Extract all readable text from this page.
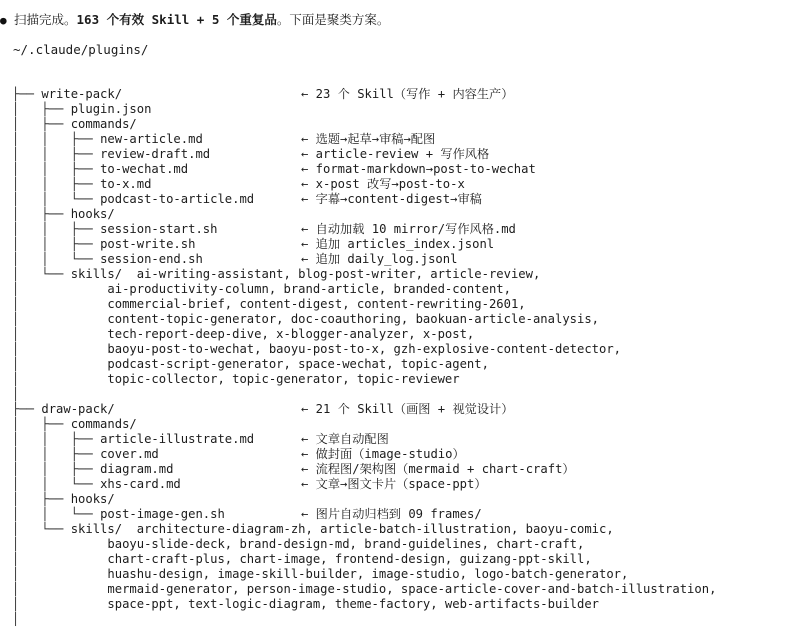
● 扫描完成。163 个有效 Skill + 5 个重复品。下面是聚类方案。
~/.claude/plugins/
├── write-pack/	← 23 个 Skill（写作 + 内容生产）
│   ├── plugin.json
│   ├── commands/
│   │   ├── new-article.md	← 选题→起草→审稿→配图
│   │   ├── review-draft.md	← article-review + 写作风格
│   │   ├── to-wechat.md	← format-markdown→post-to-wechat
│   │   ├── to-x.md	← x-post 改写→post-to-x
│   │   └── podcast-to-article.md	← 字幕→content-digest→审稿
│   ├── hooks/
│   │   ├── session-start.sh	← 自动加载 10 mirror/写作风格.md
│   │   ├── post-write.sh	← 追加 articles_index.jsonl
│   │   └── session-end.sh	← 追加 daily_log.jsonl
│   └── skills/  ai-writing-assistant, blog-post-writer, article-review,
│            ai-productivity-column, brand-article, branded-content,
│            commercial-brief, content-digest, content-rewriting-2601,
│            content-topic-generator, doc-coauthoring, baokuan-article-analysis,
│            tech-report-deep-dive, x-blogger-analyzer, x-post,
│            baoyu-post-to-wechat, baoyu-post-to-x, gzh-explosive-content-detector,
│            podcast-script-generator, space-wechat, topic-agent,
│            topic-collector, topic-generator, topic-reviewer
│
├── draw-pack/	← 21 个 Skill（画图 + 视觉设计）
│   ├── commands/
│   │   ├── article-illustrate.md	← 文章自动配图
│   │   ├── cover.md	← 做封面（image-studio）
│   │   ├── diagram.md	← 流程图/架构图（mermaid + chart-craft）
│   │   └── xhs-card.md	← 文章→图文卡片（space-ppt）
│   ├── hooks/
│   │   └── post-image-gen.sh	← 图片自动归档到 09 frames/
│   └── skills/  architecture-diagram-zh, article-batch-illustration, baoyu-comic,
│            baoyu-slide-deck, brand-design-md, brand-guidelines, chart-craft,
│            chart-craft-plus, chart-image, frontend-design, guizang-ppt-skill,
│            huashu-design, image-skill-builder, image-studio, logo-batch-generator,
│            mermaid-generator, person-image-studio, space-article-cover-and-batch-illustration,
│            space-ppt, text-logic-diagram, theme-factory, web-artifacts-builder
│
